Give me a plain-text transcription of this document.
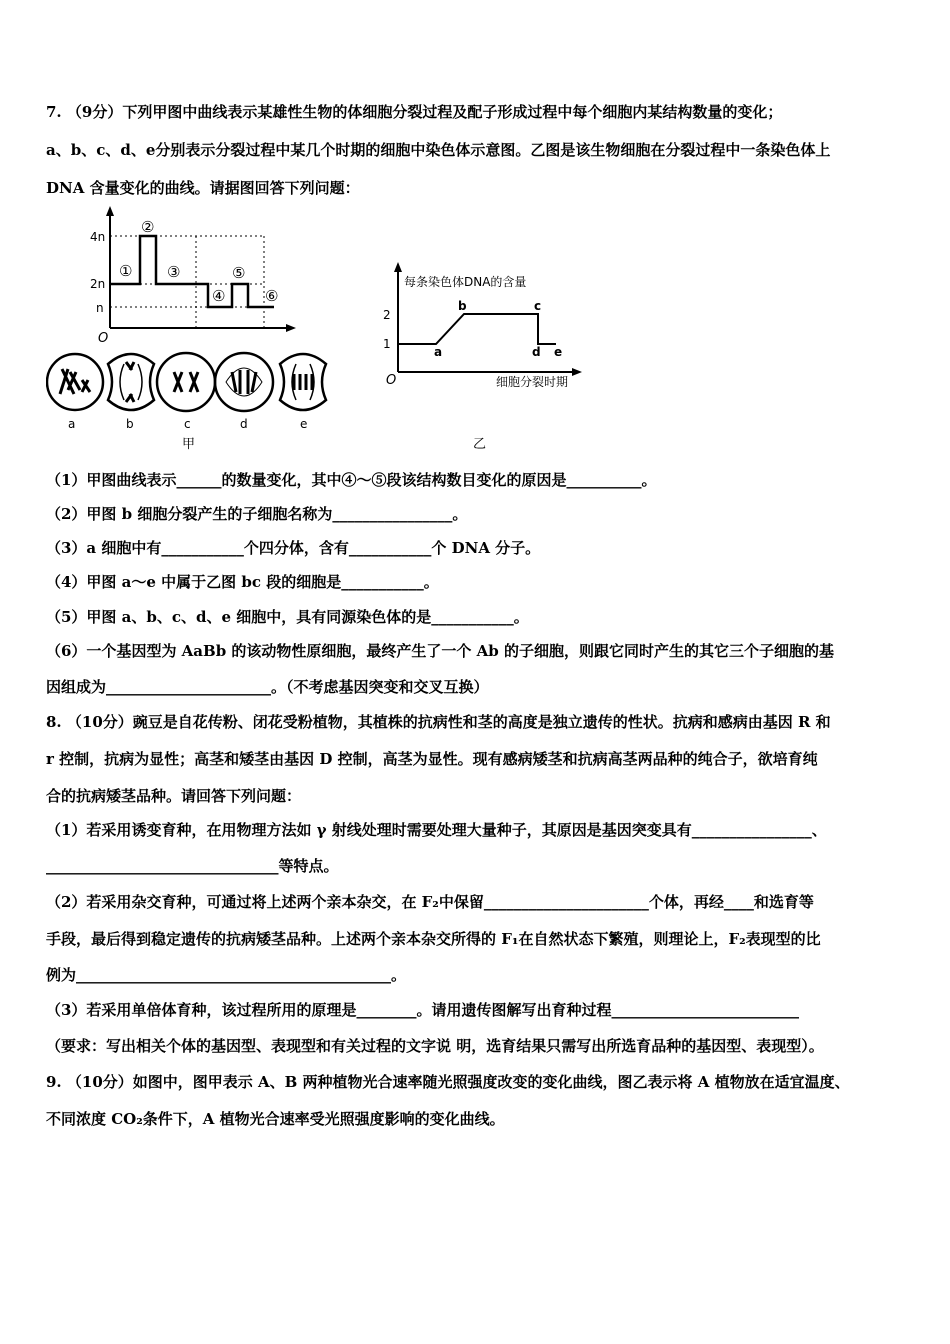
7. （9分）下列甲图中曲线表示某雄性生物的体细胞分裂过程及配子形成过程中每个细胞内某结构数量的变化；
a、b、c、d、e分别表示分裂过程中某几个时期的细胞中染色体示意图。乙图是该生物细胞在分裂过程中一条染色体上
DNA 含量变化的曲线。请据图回答下列问题：
4n
2n
n
O
①
②
③
④
⑤
⑥
a	b	c	d	e
甲
每条染色体DNA的含量
细胞分裂时期
O
2
1
a
b	c
d e
乙
（1）甲图曲线表示______的数量变化，其中④～⑤段该结构数目变化的原因是__________。
（2）甲图 b 细胞分裂产生的子细胞名称为________________。
（3）a 细胞中有___________个四分体，含有___________个 DNA 分子。
（4）甲图 a～e 中属于乙图 bc 段的细胞是___________。
（5）甲图 a、b、c、d、e 细胞中，具有同源染色体的是___________。
（6）一个基因型为 AaBb 的该动物性原细胞，最终产生了一个 Ab 的子细胞，则跟它同时产生的其它三个子细胞的基
因组成为______________________。（不考虑基因突变和交叉互换）
8. （10分）豌豆是自花传粉、闭花受粉植物，其植株的抗病性和茎的高度是独立遗传的性状。抗病和感病由基因 R 和
r 控制，抗病为显性；高茎和矮茎由基因 D 控制，高茎为显性。现有感病矮茎和抗病高茎两品种的纯合子，欲培育纯
合的抗病矮茎品种。请回答下列问题：
（1）若采用诱变育种，在用物理方法如 γ 射线处理时需要处理大量种子，其原因是基因突变具有________________、
_______________________________等特点。
（2）若采用杂交育种，可通过将上述两个亲本杂交，在 F₂中保留______________________个体，再经____和选育等
手段，最后得到稳定遗传的抗病矮茎品种。上述两个亲本杂交所得的 F₁在自然状态下繁殖，则理论上，F₂表现型的比
例为__________________________________________。
（3）若采用单倍体育种，该过程所用的原理是________。请用遗传图解写出育种过程_________________________
（要求：写出相关个体的基因型、表现型和有关过程的文字说 明，选育结果只需写出所选育品种的基因型、表现型）。
9. （10分）如图中，图甲表示 A、B 两种植物光合速率随光照强度改变的变化曲线，图乙表示将 A 植物放在适宜温度、
不同浓度 CO₂条件下，A 植物光合速率受光照强度影响的变化曲线。
